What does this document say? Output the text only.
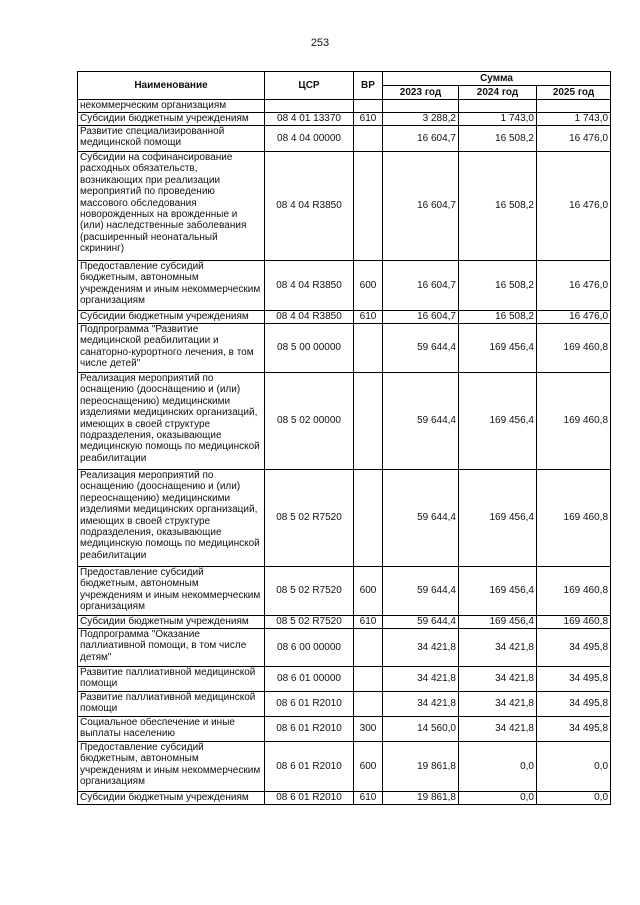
253
Наименование	ЦСР	ВР	Сумма		
			2023 год	2024 год	2025 год
некоммерческим организациям					
Субсидии бюджетным учреждениям	08 4 01 13370	610	3 288,2	1 743,0	1 743,0
Развитие специализированной медицинской помощи	08 4 04 00000		16 604,7	16 508,2	16 476,0
Субсидии на софинансирование расходных обязательств, возникающих при реализации мероприятий по проведению массового обследования новорожденных на врожденные и (или) наследственные заболевания (расширенный неонатальный скрининг)	08 4 04 R3850		16 604,7	16 508,2	16 476,0
Предоставление субсидий бюджетным, автономным учреждениям и иным некоммерческим организациям	08 4 04 R3850	600	16 604,7	16 508,2	16 476,0
Субсидии бюджетным учреждениям	08 4 04 R3850	610	16 604,7	16 508,2	16 476,0
Подпрограмма "Развитие медицинской реабилитации и санаторно-курортного лечения, в том числе детей"	08 5 00 00000		59 644,4	169 456,4	169 460,8
Реализация мероприятий по оснащению (дооснащению и (или) переоснащению) медицинскими изделиями медицинских организаций, имеющих в своей структуре подразделения, оказывающие медицинскую помощь по медицинской реабилитации	08 5 02 00000		59 644,4	169 456,4	169 460,8
Реализация мероприятий по оснащению (дооснащению и (или) переоснащению) медицинскими изделиями медицинских организаций, имеющих в своей структуре подразделения, оказывающие медицинскую помощь по медицинской реабилитации	08 5 02 R7520		59 644,4	169 456,4	169 460,8
Предоставление субсидий бюджетным, автономным учреждениям и иным некоммерческим организациям	08 5 02 R7520	600	59 644,4	169 456,4	169 460,8
Субсидии бюджетным учреждениям	08 5 02 R7520	610	59 644,4	169 456,4	169 460,8
Подпрограмма "Оказание паллиативной помощи, в том числе детям"	08 6 00 00000		34 421,8	34 421,8	34 495,8
Развитие паллиативной медицинской помощи	08 6 01 00000		34 421,8	34 421,8	34 495,8
Развитие паллиативной медицинской помощи	08 6 01 R2010		34 421,8	34 421,8	34 495,8
Социальное обеспечение и иные выплаты населению	08 6 01 R2010	300	14 560,0	34 421,8	34 495,8
Предоставление субсидий бюджетным, автономным учреждениям и иным некоммерческим организациям	08 6 01 R2010	600	19 861,8	0,0	0,0
Субсидии бюджетным учреждениям	08 6 01 R2010	610	19 861,8	0,0	0,0
